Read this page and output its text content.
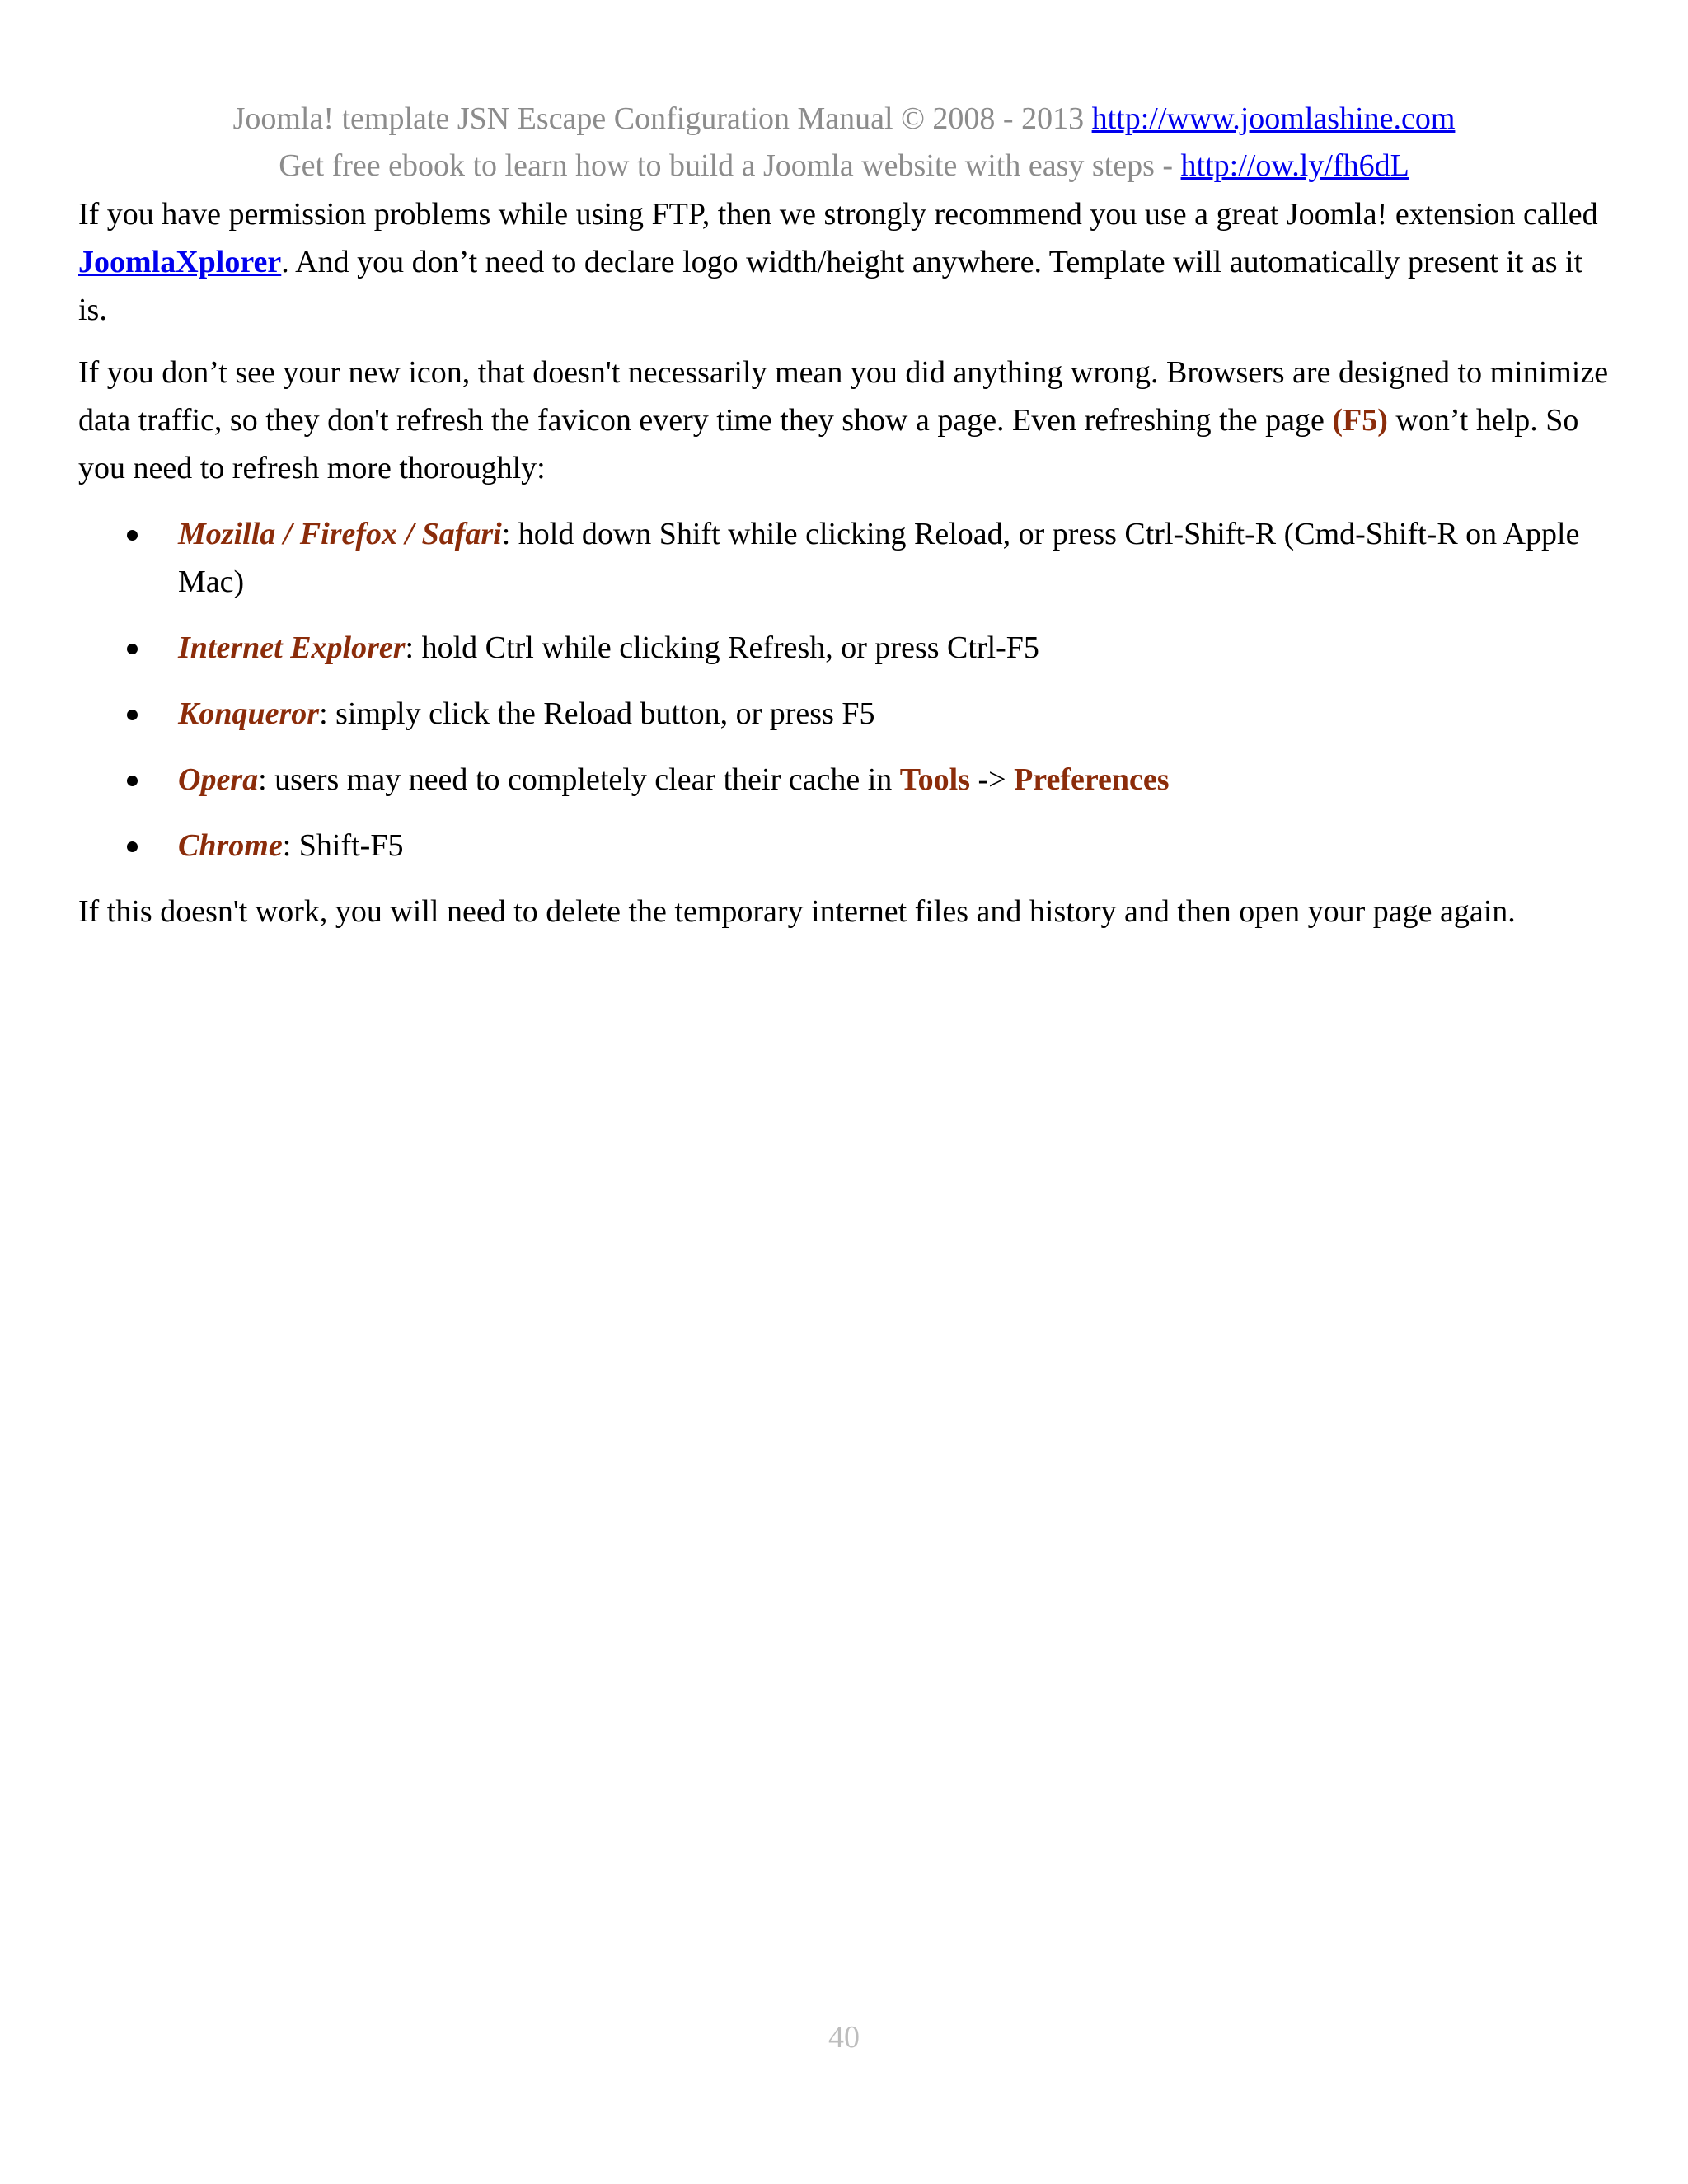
Joomla! template JSN Escape Configuration Manual © 2008 - 2013 http://www.joomlashine.com
Get free ebook to learn how to build a Joomla website with easy steps - http://ow.ly/fh6dL

If you have permission problems while using FTP, then we strongly recommend you use a great Joomla! extension called JoomlaXplorer. And you don’t need to declare logo width/height anywhere. Template will automatically present it as it is.

If you don’t see your new icon, that doesn't necessarily mean you did anything wrong. Browsers are designed to minimize data traffic, so they don't refresh the favicon every time they show a page. Even refreshing the page (F5) won’t help. So you need to refresh more thoroughly:

Mozilla / Firefox / Safari: hold down Shift while clicking Reload, or press Ctrl-Shift-R (Cmd-Shift-R on Apple Mac)
Internet Explorer: hold Ctrl while clicking Refresh, or press Ctrl-F5
Konqueror: simply click the Reload button, or press F5
Opera: users may need to completely clear their cache in Tools -> Preferences
Chrome: Shift-F5

If this doesn't work, you will need to delete the temporary internet files and history and then open your page again.

40
